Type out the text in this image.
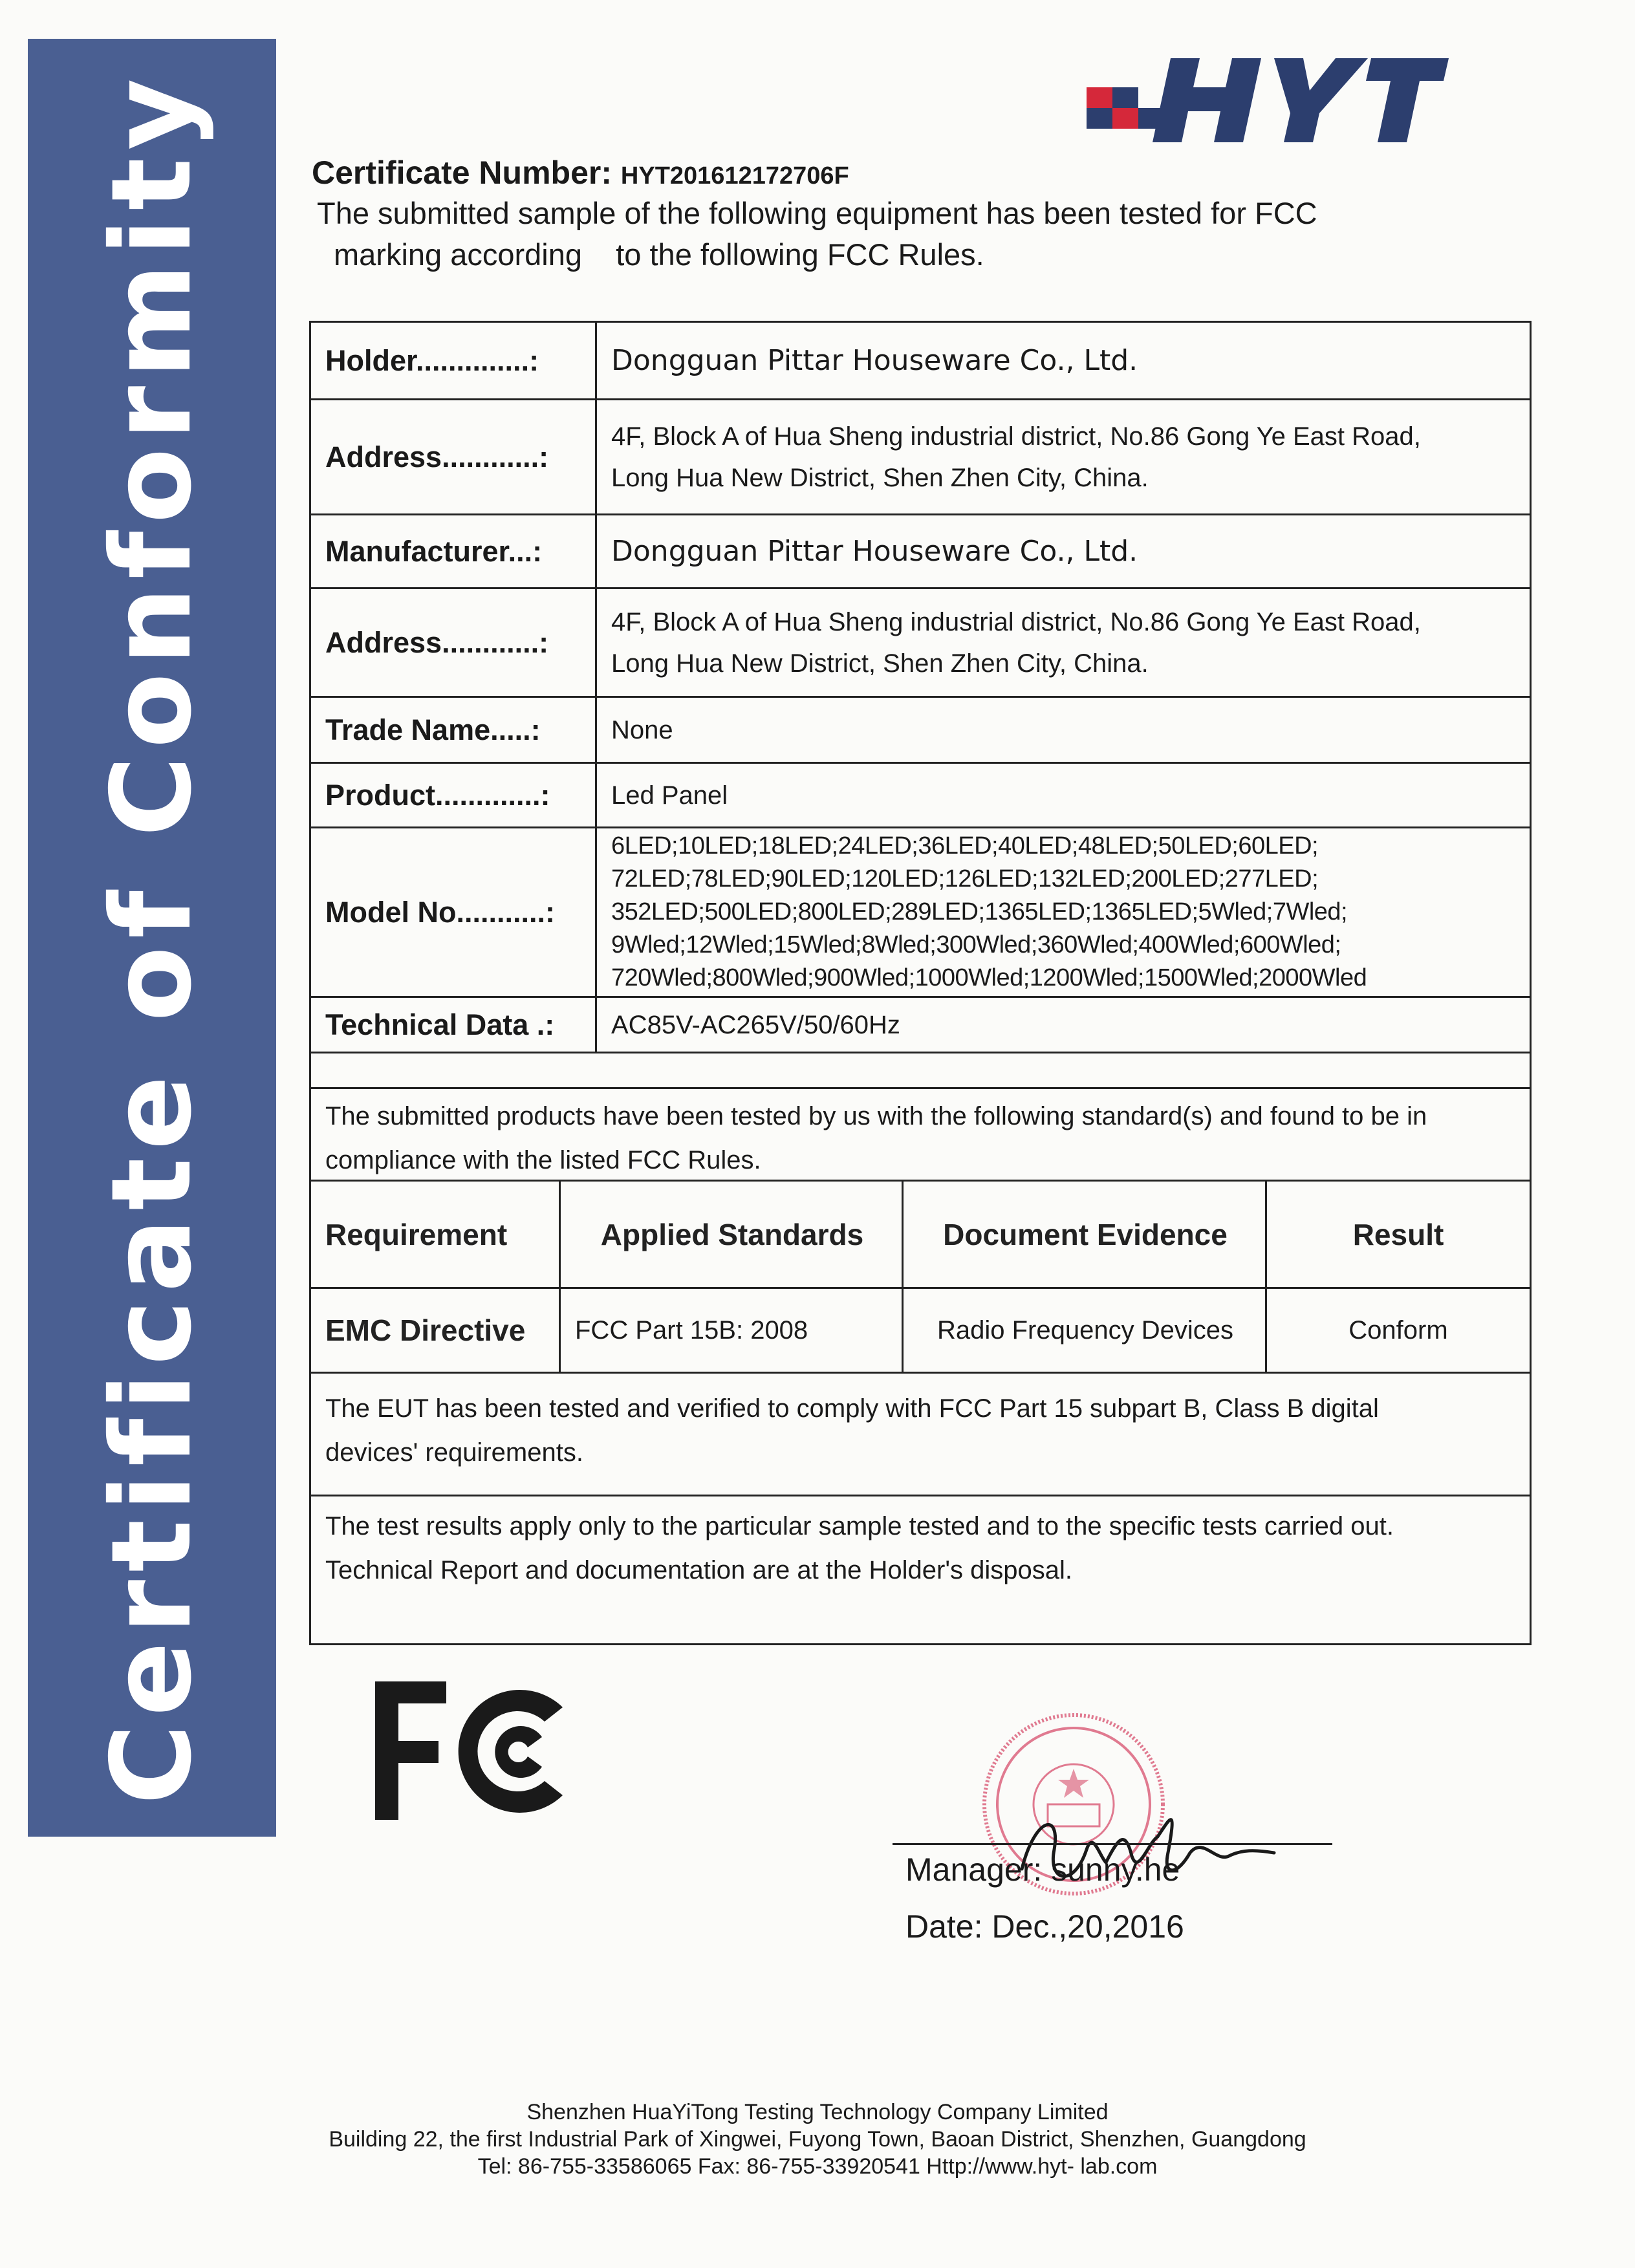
Certificate of Conformity	Certificate Number: HYT201612172706F
The submitted sample of the following equipment has been tested for FCC
marking according    to the following FCC Rules.
Holder..............:	Dongguan Pittar Houseware Co., Ltd.
Address............:
4F, Block A of Hua Sheng industrial district, No.86 Gong Ye East Road,
Long Hua New District, Shen Zhen City, China.
Manufacturer...:	Dongguan Pittar Houseware Co., Ltd.
Address............:
4F, Block A of Hua Sheng industrial district, No.86 Gong Ye East Road,
Long Hua New District, Shen Zhen City, China.
Trade Name.....:	None
Product.............:	Led Panel
Model No...........:
6LED;10LED;18LED;24LED;36LED;40LED;48LED;50LED;60LED;
72LED;78LED;90LED;120LED;126LED;132LED;200LED;277LED;
352LED;500LED;800LED;289LED;1365LED;1365LED;5Wled;7Wled;
9Wled;12Wled;15Wled;8Wled;300Wled;360Wled;400Wled;600Wled;
720Wled;800Wled;900Wled;1000Wled;1200Wled;1500Wled;2000Wled
Technical Data .:	AC85V-AC265V/50/60Hz
The submitted products have been tested by us with the following standard(s) and found to be in
compliance with the listed FCC Rules.
Requirement	Applied Standards	Document Evidence	Result
EMC Directive	FCC Part 15B: 2008	Radio Frequency Devices	Conform
The EUT has been tested and verified to comply with FCC Part 15 subpart B, Class B digital
devices' requirements.
The test results apply only to the particular sample tested and to the specific tests carried out.
Technical Report and documentation are at the Holder's disposal.
Manager: sunny.he
Date: Dec.,20,2016
Shenzhen HuaYiTong Testing Technology Company Limited
Building 22, the first Industrial Park of Xingwei, Fuyong Town, Baoan District, Shenzhen, Guangdong
Tel: 86-755-33586065 Fax: 86-755-33920541 Http://www.hyt- lab.com
